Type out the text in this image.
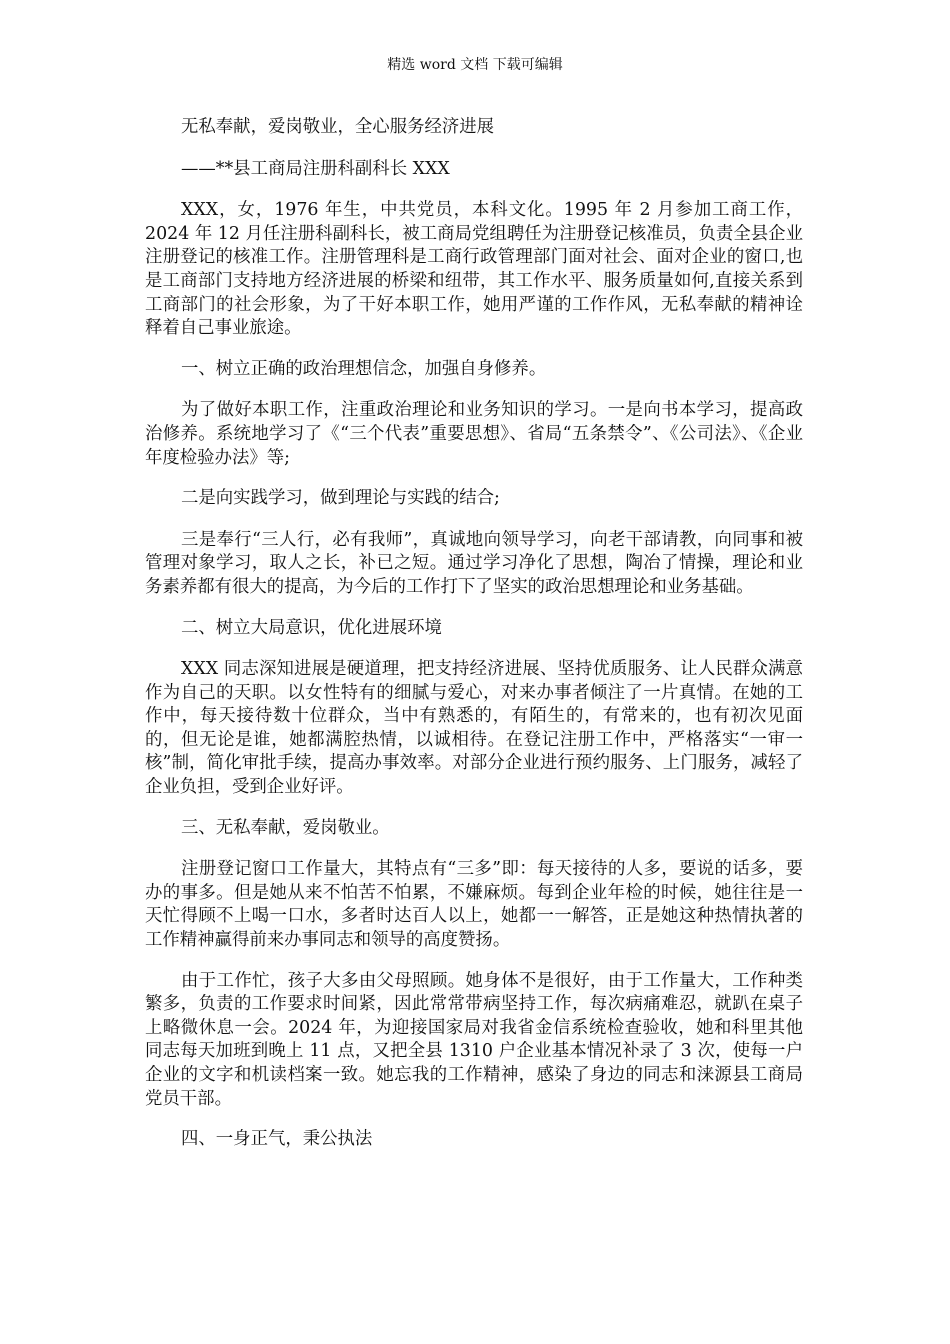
精选 word 文档 下载可编辑

无私奉献，爱岗敬业，全心服务经济进展

——**县工商局注册科副科长 XXX

XXX，女，1976 年生，中共党员，本科文化。1995 年 2 月参加工商工作，2024 年 12 月任注册科副科长，被工商局党组聘任为注册登记核准员，负责全县企业注册登记的核准工作。注册管理科是工商行政管理部门面对社会、面对企业的窗口,也是工商部门支持地方经济进展的桥梁和纽带，其工作水平、服务质量如何,直接关系到工商部门的社会形象，为了干好本职工作，她用严谨的工作作风，无私奉献的精神诠释着自己事业旅途。

一、树立正确的政治理想信念，加强自身修养。

为了做好本职工作，注重政治理论和业务知识的学习。一是向书本学习，提高政治修养。系统地学习了《“三个代表”重要思想》、省局“五条禁令”、《公司法》、《企业年度检验办法》等;

二是向实践学习，做到理论与实践的结合;

三是奉行“三人行，必有我师”，真诚地向领导学习，向老干部请教，向同事和被管理对象学习，取人之长，补已之短。通过学习净化了思想，陶冶了情操，理论和业务素养都有很大的提高，为今后的工作打下了坚实的政治思想理论和业务基础。

二、树立大局意识，优化进展环境

XXX 同志深知进展是硬道理，把支持经济进展、坚持优质服务、让人民群众满意作为自己的天职。以女性特有的细腻与爱心，对来办事者倾注了一片真情。在她的工作中，每天接待数十位群众，当中有熟悉的，有陌生的，有常来的，也有初次见面的，但无论是谁，她都满腔热情，以诚相待。在登记注册工作中，严格落实“一审一核”制，简化审批手续，提高办事效率。对部分企业进行预约服务、上门服务，减轻了企业负担，受到企业好评。

三、无私奉献，爱岗敬业。

注册登记窗口工作量大，其特点有“三多”即：每天接待的人多，要说的话多，要办的事多。但是她从来不怕苦不怕累，不嫌麻烦。每到企业年检的时候，她往往是一天忙得顾不上喝一口水，多者时达百人以上，她都一一解答，正是她这种热情执著的工作精神赢得前来办事同志和领导的高度赞扬。

由于工作忙，孩子大多由父母照顾。她身体不是很好，由于工作量大，工作种类繁多，负责的工作要求时间紧，因此常常带病坚持工作，每次病痛难忍，就趴在桌子上略微休息一会。2024 年，为迎接国家局对我省金信系统检查验收，她和科里其他同志每天加班到晚上 11 点，又把全县 1310 户企业基本情况补录了 3 次，使每一户企业的文字和机读档案一致。她忘我的工作精神，感染了身边的同志和涞源县工商局党员干部。

四、一身正气，秉公执法
